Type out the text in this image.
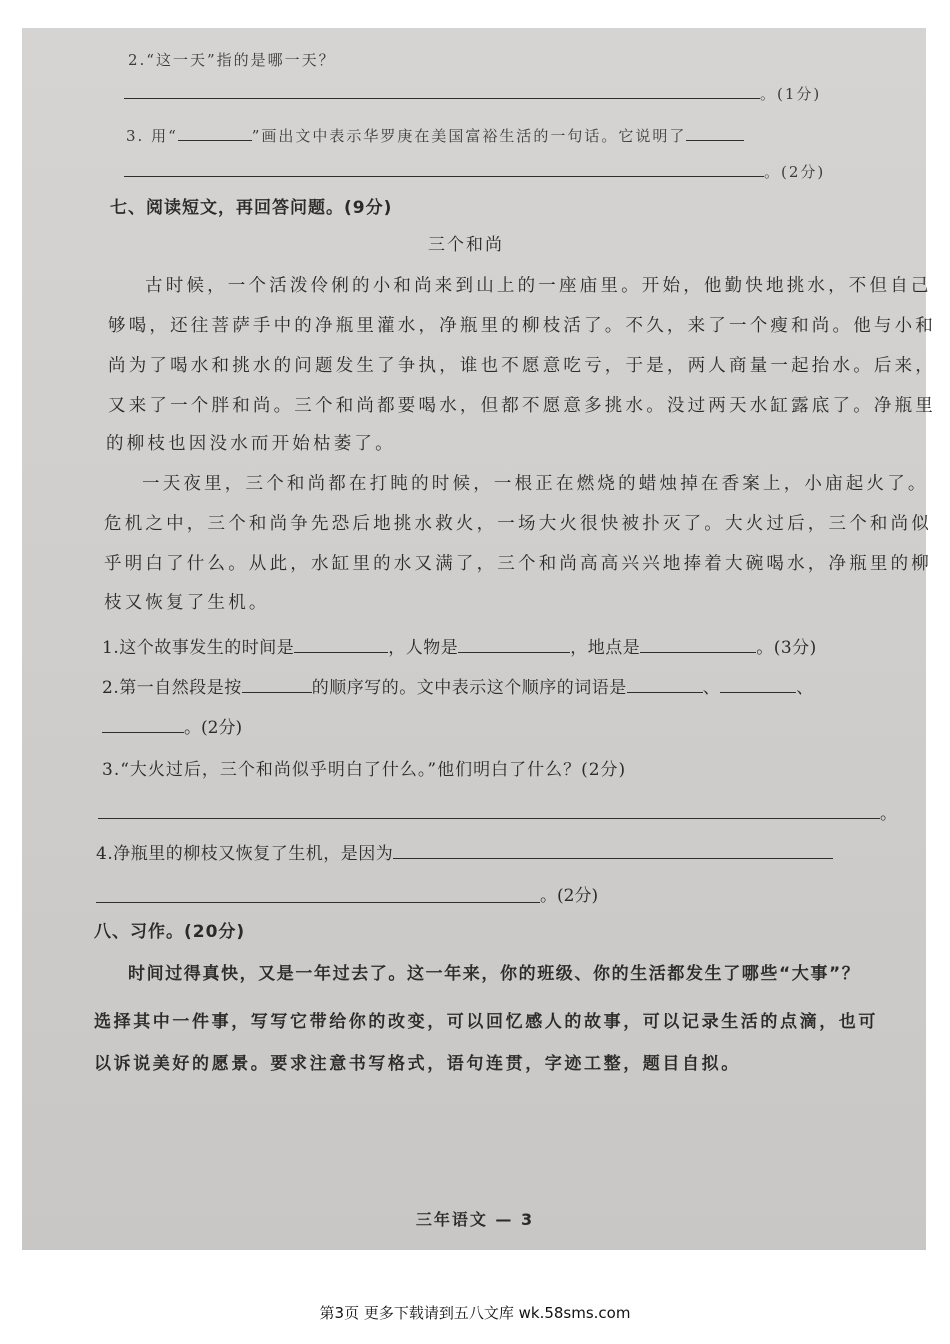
2.“这一天”指的是哪一天？
。(1分)
3. 用“	”画出文中表示华罗庚在美国富裕生活的一句话。它说明了
。(2分)
七、阅读短文，再回答问题。(9分)
三个和尚
古时候，一个活泼伶俐的小和尚来到山上的一座庙里。开始，他勤快地挑水，不但自己
够喝，还往菩萨手中的净瓶里灌水，净瓶里的柳枝活了。不久，来了一个瘦和尚。他与小和
尚为了喝水和挑水的问题发生了争执，谁也不愿意吃亏，于是，两人商量一起抬水。后来，
又来了一个胖和尚。三个和尚都要喝水，但都不愿意多挑水。没过两天水缸露底了。净瓶里
的柳枝也因没水而开始枯萎了。
一天夜里，三个和尚都在打盹的时候，一根正在燃烧的蜡烛掉在香案上，小庙起火了。
危机之中，三个和尚争先恐后地挑水救火，一场大火很快被扑灭了。大火过后，三个和尚似
乎明白了什么。从此，水缸里的水又满了，三个和尚高高兴兴地捧着大碗喝水，净瓶里的柳
枝又恢复了生机。
1.这个故事发生的时间是	，人物是	，地点是	。(3分)
2.第一自然段是按	的顺序写的。文中表示这个顺序的词语是	、	、
。(2分)
3.“大火过后，三个和尚似乎明白了什么。”他们明白了什么？(2分)
。
4.净瓶里的柳枝又恢复了生机，是因为
。(2分)
八、习作。(20分)
时间过得真快，又是一年过去了。这一年来，你的班级、你的生活都发生了哪些“大事”？
选择其中一件事，写写它带给你的改变，可以回忆感人的故事，可以记录生活的点滴，也可
以诉说美好的愿景。要求注意书写格式，语句连贯，字迹工整，题目自拟。
三年语文 — 3
第3页 更多下载请到五八文库 wk.58sms.com
